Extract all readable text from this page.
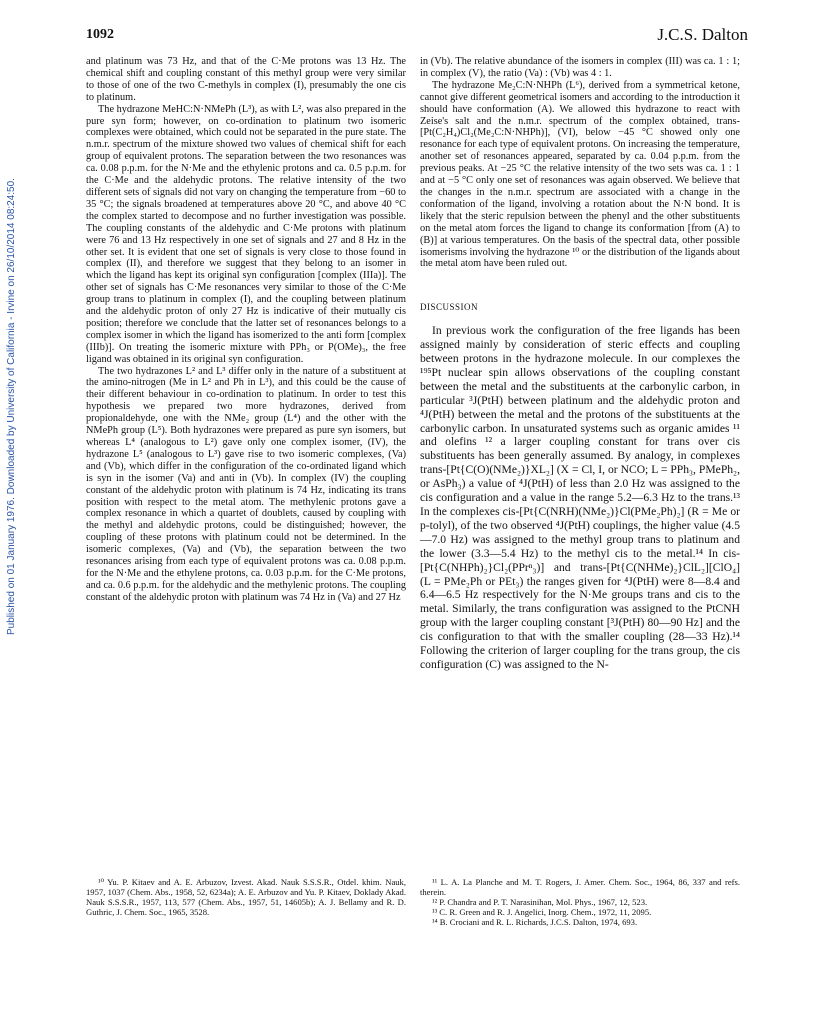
Published on 01 January 1976. Downloaded by University of California - Irvine on 26/10/2014 08:24:50.
1092	J.C.S. Dalton

and platinum was 73 Hz, and that of the C·Me protons was 13 Hz. The chemical shift and coupling constant of this methyl group were very similar to those of one of the two C-methyls in complex (I), presumably the one cis to platinum.

The hydrazone MeHC:N·NMePh (L³), as with L², was also prepared in the pure syn form; however, on co-ordination to platinum two isomeric complexes were obtained, which could not be separated in the pure state. The n.m.r. spectrum of the mixture showed two values of chemical shift for each group of equivalent protons. The separation between the two resonances was ca. 0.08 p.p.m. for the N·Me and the ethylenic protons and ca. 0.5 p.p.m. for the C·Me and the aldehydic protons. The relative intensity of the two different sets of signals did not vary on changing the temperature from −60 to 35 °C; the signals broadened at temperatures above 20 °C, and above 40 °C the complex started to decompose and no further investigation was possible. The coupling constants of the aldehydic and C·Me protons with platinum were 76 and 13 Hz respectively in one set of signals and 27 and 8 Hz in the other set. It is evident that one set of signals is very close to those found in complex (II), and therefore we suggest that they belong to an isomer in which the ligand has kept its original syn configuration [complex (IIIa)]. The other set of signals has C·Me resonances very similar to those of the C·Me group trans to platinum in complex (I), and the coupling between platinum and the aldehydic proton of only 27 Hz is indicative of their mutually cis position; therefore we conclude that the latter set of resonances belongs to a complex isomer in which the ligand has isomerized to the anti form [complex (IIIb)]. On treating the isomeric mixture with PPh₃ or P(OMe)₃, the free ligand was obtained in its original syn configuration.

The two hydrazones L² and L³ differ only in the nature of a substituent at the amino-nitrogen (Me in L² and Ph in L³), and this could be the cause of their different behaviour in co-ordination to platinum. In order to test this hypothesis we prepared two more hydrazones, derived from propionaldehyde, one with the NMe₂ group (L⁴) and the other with the NMePh group (L⁵). Both hydrazones were prepared as pure syn isomers, but whereas L⁴ (analogous to L²) gave only one complex isomer, (IV), the hydrazone L⁵ (analogous to L³) gave rise to two isomeric complexes, (Va) and (Vb), which differ in the configuration of the co-ordinated ligand which is syn in the isomer (Va) and anti in (Vb). In complex (IV) the coupling constant of the aldehydic proton with platinum is 74 Hz, indicating its trans position with respect to the metal atom. The methylenic protons gave a complex resonance in which a quartet of doublets, caused by coupling with the methyl and aldehydic protons, could be distinguished; however, the coupling of these protons with platinum could not be determined. In the isomeric complexes, (Va) and (Vb), the separation between the two resonances arising from each type of equivalent protons was ca. 0.08 p.p.m. for the N·Me and the ethylene protons, ca. 0.03 p.p.m. for the C·Me protons, and ca. 0.6 p.p.m. for the aldehydic and the methylenic protons. The coupling constant of the aldehydic proton with platinum was 74 Hz in (Va) and 27 Hz

in (Vb). The relative abundance of the isomers in complex (III) was ca. 1 : 1; in complex (V), the ratio (Va) : (Vb) was 4 : 1.

The hydrazone Me₂C:N·NHPh (L⁶), derived from a symmetrical ketone, cannot give different geometrical isomers and according to the introduction it should have conformation (A). We allowed this hydrazone to react with Zeise's salt and the n.m.r. spectrum of the complex obtained, trans-[Pt(C₂H₄)Cl₂(Me₂C:N·NHPh)], (VI), below −45 °C showed only one resonance for each type of equivalent protons. On increasing the temperature, another set of resonances appeared, separated by ca. 0.04 p.p.m. from the previous peaks. At −25 °C the relative intensity of the two sets was ca. 1 : 1 and at −5 °C only one set of resonances was again observed. We believe that the changes in the n.m.r. spectrum are associated with a change in the conformation of the ligand, involving a rotation about the N·N bond. It is likely that the steric repulsion between the phenyl and the other substituents on the metal atom forces the ligand to change its conformation [from (A) to (B)] at various temperatures. On the basis of the spectral data, other possible isomerisms involving the hydrazone ¹⁰ or the distribution of the ligands about the metal atom have been ruled out.

DISCUSSION

In previous work the configuration of the free ligands has been assigned mainly by consideration of steric effects and coupling between protons in the hydrazone molecule. In our complexes the ¹⁹⁵Pt nuclear spin allows observations of the coupling constant between the metal and the substituents at the carbonylic carbon, in particular ³J(PtH) between platinum and the aldehydic proton and ⁴J(PtH) between the metal and the protons of the substituents at the carbonylic carbon. In unsaturated systems such as organic amides ¹¹ and olefins ¹² a larger coupling constant for trans over cis substituents has been generally assumed. By analogy, in complexes trans-[Pt{C(O)(NMe₂)}XL₂] (X = Cl, I, or NCO; L = PPh₃, PMePh₂, or AsPh₃) a value of ⁴J(PtH) of less than 2.0 Hz was assigned to the cis configuration and a value in the range 5.2—6.3 Hz to the trans.¹³ In the complexes cis-[Pt{C(NRH)(NMe₂)}Cl(PMe₂Ph)₂] (R = Me or p-tolyl), of the two observed ⁴J(PtH) couplings, the higher value (4.5—7.0 Hz) was assigned to the methyl group trans to platinum and the lower (3.3—5.4 Hz) to the methyl cis to the metal.¹⁴ In cis-[Pt{C(NHPh)₂}Cl₂(PPrⁿ₃)] and trans-[Pt{C(NHMe)₂}ClL₂][ClO₄] (L = PMe₂Ph or PEt₃) the ranges given for ⁴J(PtH) were 8—8.4 and 6.4—6.5 Hz respectively for the N·Me groups trans and cis to the metal. Similarly, the trans configuration was assigned to the PtCNH group with the larger coupling constant [³J(PtH) 80—90 Hz] and the cis configuration to that with the smaller coupling (28—33 Hz).¹⁴ Following the criterion of larger coupling for the trans group, the cis configuration (C) was assigned to the N-

¹⁰ Yu. P. Kitaev and A. E. Arbuzov, Izvest. Akad. Nauk S.S.S.R., Otdel. khim. Nauk, 1957, 1037 (Chem. Abs., 1958, 52, 6234a); A. E. Arbuzov and Yu. P. Kitaev, Doklady Akad. Nauk S.S.S.R., 1957, 113, 577 (Chem. Abs., 1957, 51, 14605b); A. J. Bellamy and R. D. Guthric, J. Chem. Soc., 1965, 3528.

¹¹ L. A. La Planche and M. T. Rogers, J. Amer. Chem. Soc., 1964, 86, 337 and refs. therein.

¹² P. Chandra and P. T. Narasinihan, Mol. Phys., 1967, 12, 523.

¹³ C. R. Green and R. J. Angelici, Inorg. Chem., 1972, 11, 2095.

¹⁴ B. Crociani and R. L. Richards, J.C.S. Dalton, 1974, 693.
